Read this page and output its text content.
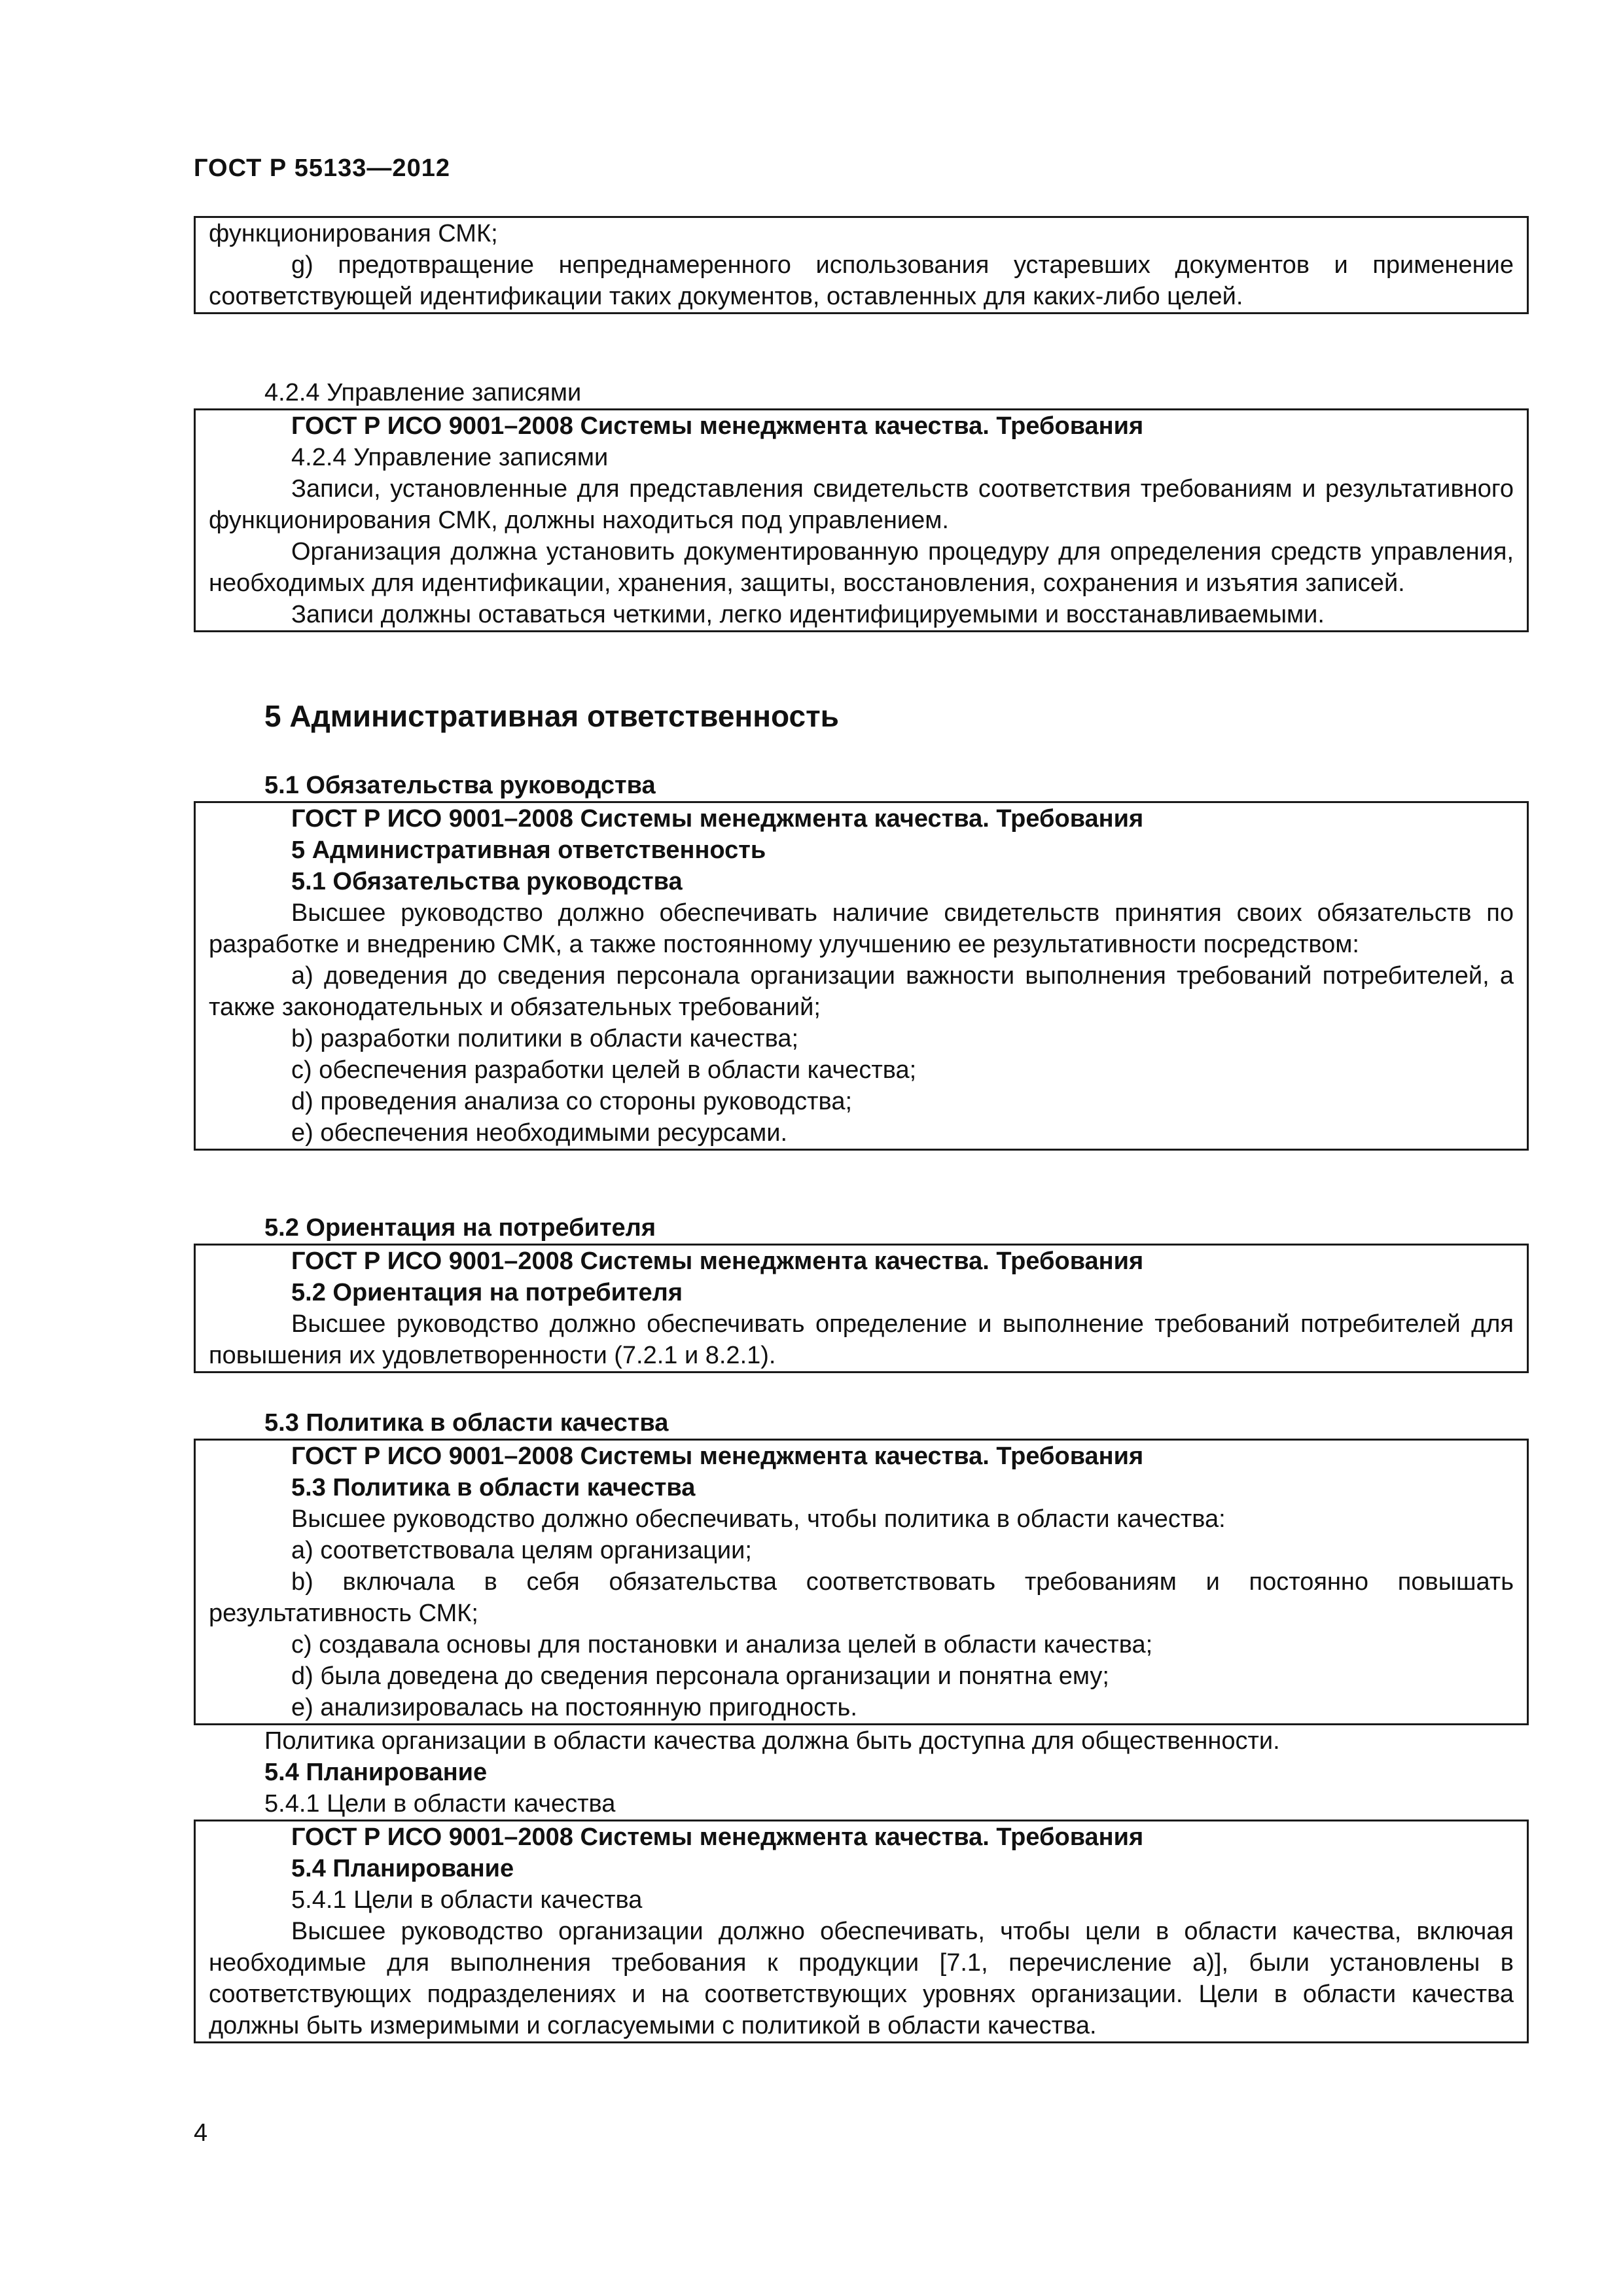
ГОСТ Р 55133—2012

функционирования СМК;

g) предотвращение непреднамеренного использования устаревших документов и применение соответствующей идентификации таких документов, оставленных для каких-либо целей.

4.2.4 Управление записями

ГОСТ Р ИСО 9001–2008 Системы менеджмента качества. Требования

4.2.4 Управление записями

Записи, установленные для представления свидетельств соответствия требованиям и результативного функционирования СМК, должны находиться под управлением.

Организация должна установить документированную процедуру для определения средств управления, необходимых для идентификации, хранения, защиты, восстановления, сохранения и изъятия записей.

Записи должны оставаться четкими, легко идентифицируемыми и восстанавливаемыми.

5 Административная ответственность

5.1 Обязательства руководства

ГОСТ Р ИСО 9001–2008 Системы менеджмента качества. Требования

5 Административная ответственность

5.1 Обязательства руководства

Высшее руководство должно обеспечивать наличие свидетельств принятия своих обязательств по разработке и внедрению СМК, а также постоянному улучшению ее результативности посредством:

a) доведения до сведения персонала организации важности выполнения требований потребителей, а также законодательных и обязательных требований;

b) разработки политики в области качества;

c) обеспечения разработки целей в области качества;

d) проведения анализа со стороны руководства;

e) обеспечения необходимыми ресурсами.

5.2 Ориентация на потребителя

ГОСТ Р ИСО 9001–2008 Системы менеджмента качества. Требования

5.2 Ориентация на потребителя

Высшее руководство должно обеспечивать определение и выполнение требований потребителей для повышения их удовлетворенности (7.2.1 и 8.2.1).

5.3 Политика в области качества

ГОСТ Р ИСО 9001–2008 Системы менеджмента качества. Требования

5.3 Политика в области качества

Высшее руководство должно обеспечивать, чтобы политика в области качества:

a) соответствовала целям организации;

b) включала в себя обязательства соответствовать требованиям и постоянно повышать результативность СМК;

c) создавала основы для постановки и анализа целей в области качества;

d) была доведена до сведения персонала организации и понятна ему;

e) анализировалась на постоянную пригодность.

Политика организации в области качества должна быть доступна для общественности.

5.4 Планирование

5.4.1 Цели в области качества

ГОСТ Р ИСО 9001–2008 Системы менеджмента качества. Требования

5.4 Планирование

5.4.1 Цели в области качества

Высшее руководство организации должно обеспечивать, чтобы цели в области качества, включая необходимые для выполнения требования к продукции [7.1, перечисление a)], были установлены в соответствующих подразделениях и на соответствующих уровнях организации. Цели в области качества должны быть измеримыми и согласуемыми с политикой в области качества.

4
